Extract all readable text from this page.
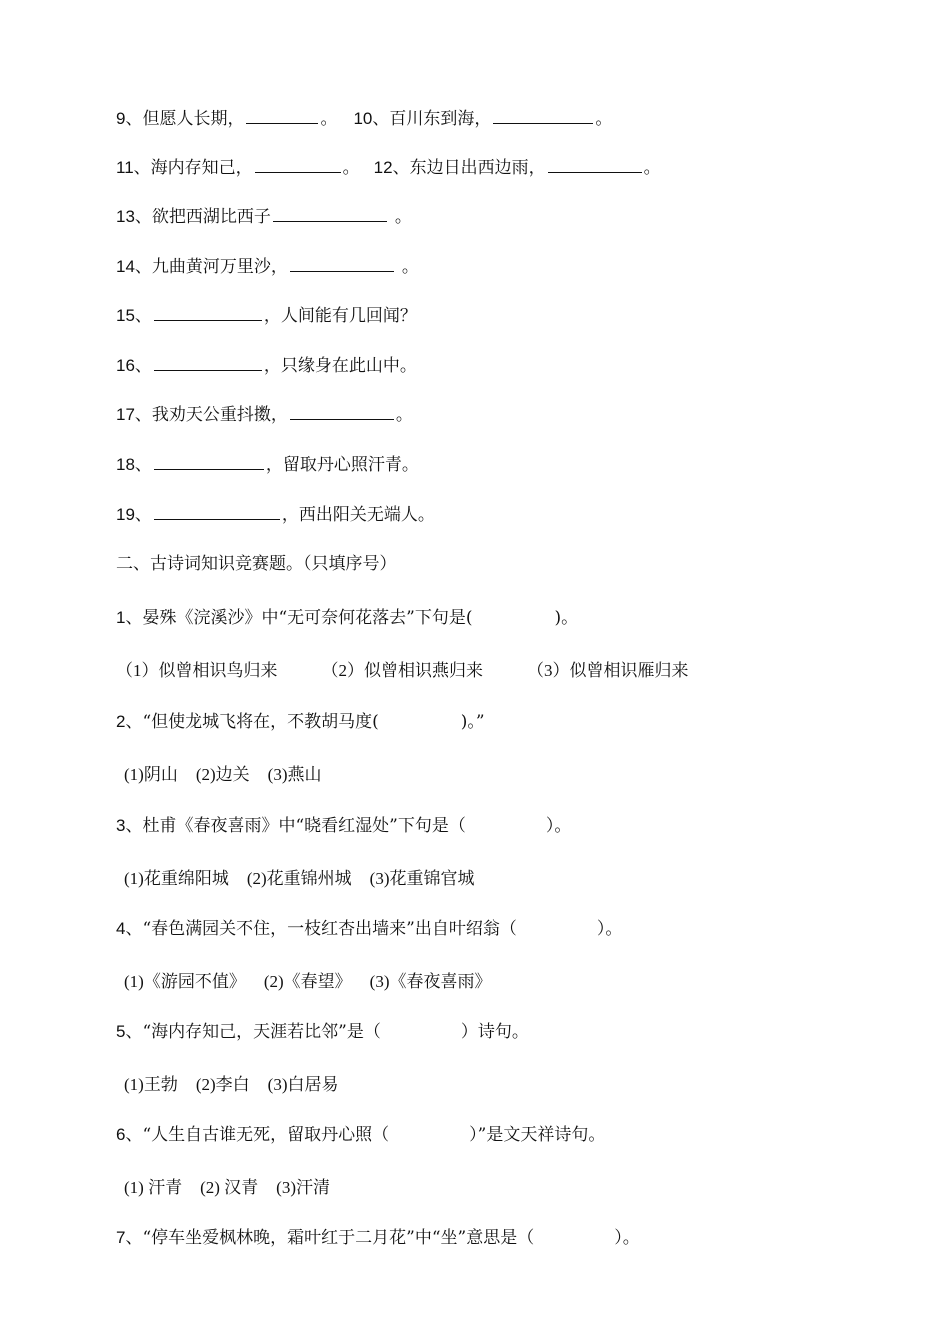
9、但愿人长期，	。 10、百川东到海，	。
11、海内存知己，	。 12、东边日出西边雨，	。
13、欲把西湖比西子	。
14、九曲黄河万里沙，	。
15、	，人间能有几回闻？
16、	，只缘身在此山中。
17、我劝天公重抖擞，	。
18、	，留取丹心照汗青。
19、	，西出阳关无端人。
二、古诗词知识竞赛题。（只填序号）
1、晏殊《浣溪沙》中“无可奈何花落去”下句是(	)。
（1）似曾相识鸟归来	（2）似曾相识燕归来	（3）似曾相识雁归来
2、“但使龙城飞将在，不教胡马度(	)。”
(1)阴山 (2)边关 (3)燕山
3、杜甫《春夜喜雨》中“晓看红湿处”下句是（	）。
(1)花重绵阳城 (2)花重锦州城 (3)花重锦官城
4、“春色满园关不住，一枝红杏出墙来”出自叶绍翁（	）。
(1)《游园不值》 (2)《春望》 (3)《春夜喜雨》
5、“海内存知己，天涯若比邻”是（	）诗句。
(1)王勃 (2)李白 (3)白居易
6、“人生自古谁无死，留取丹心照（	）”是文天祥诗句。
(1) 汗青 (2) 汉青 (3)汗清
7、“停车坐爱枫林晚，霜叶红于二月花”中“坐”意思是（	）。
